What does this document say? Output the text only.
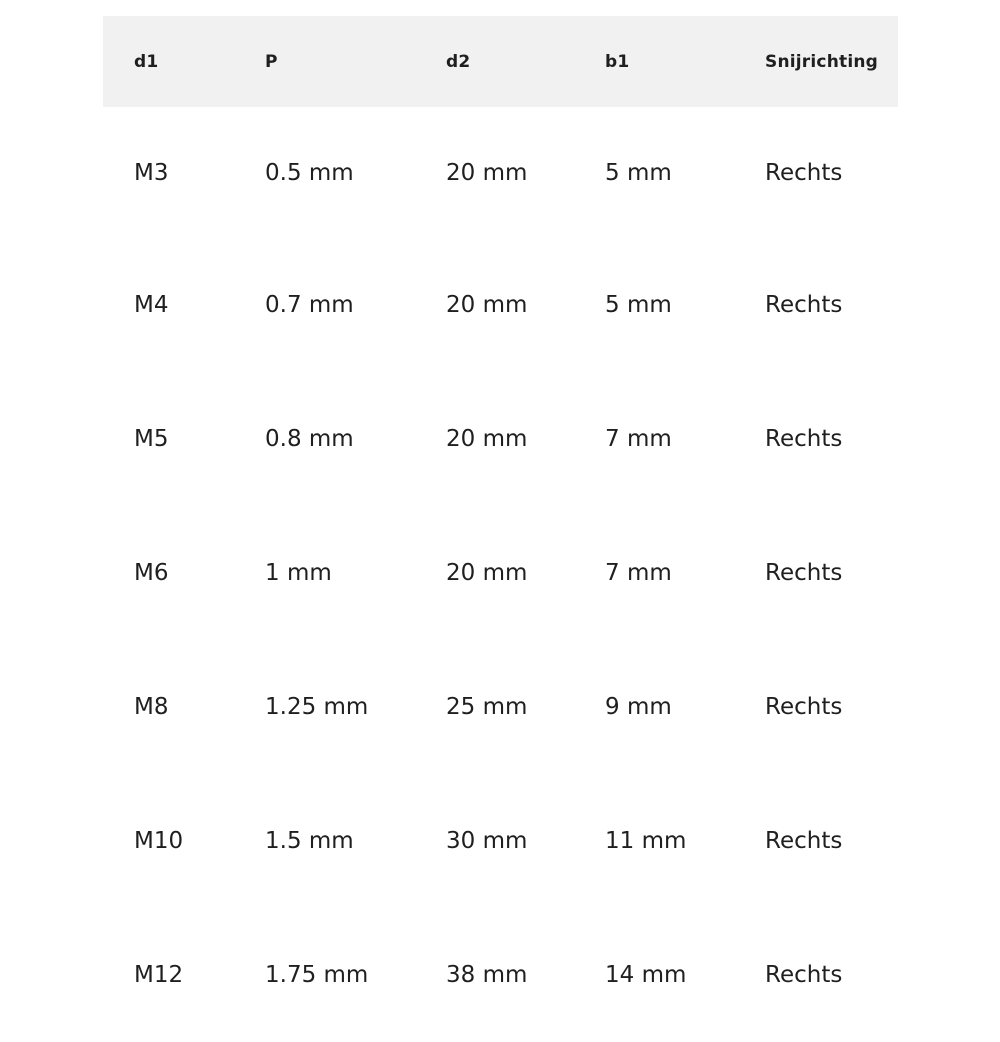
d1	P	d2	b1	Snijrichting
M3	0.5 mm	20 mm	5 mm	Rechts
M4	0.7 mm	20 mm	5 mm	Rechts
M5	0.8 mm	20 mm	7 mm	Rechts
M6	1 mm	20 mm	7 mm	Rechts
M8	1.25 mm	25 mm	9 mm	Rechts
M10	1.5 mm	30 mm	11 mm	Rechts
M12	1.75 mm	38 mm	14 mm	Rechts
